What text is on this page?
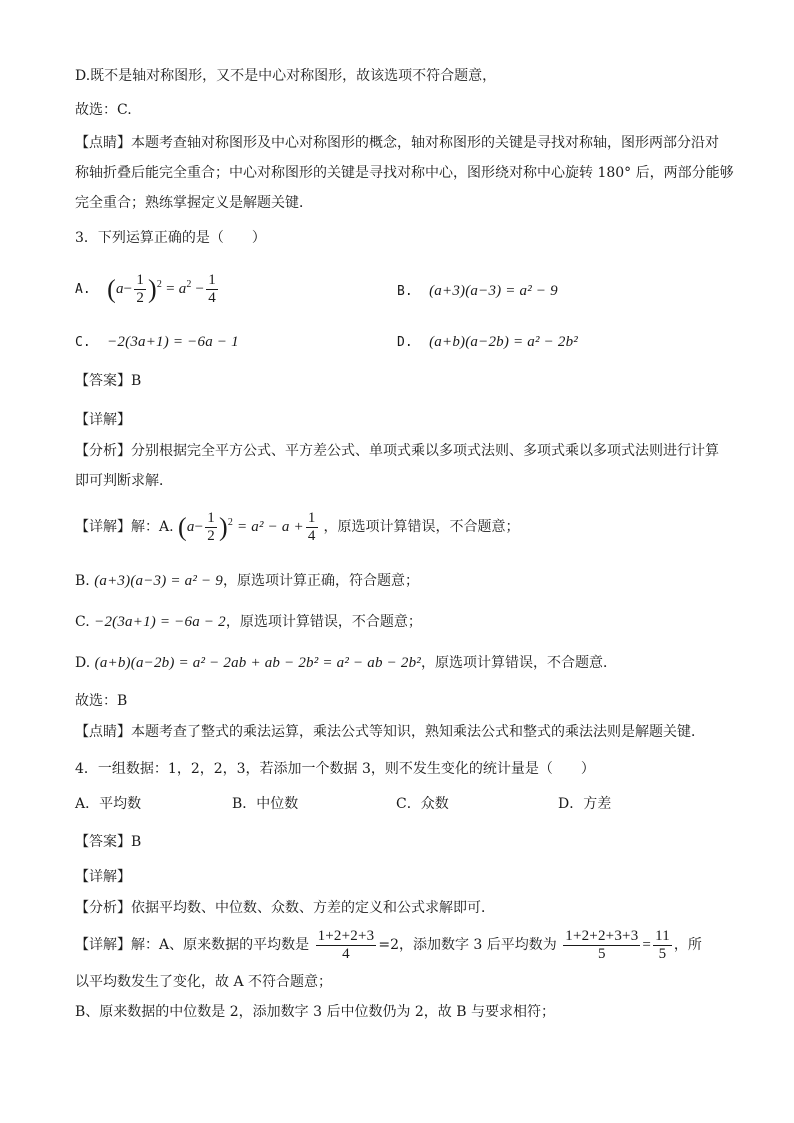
D.既不是轴对称图形，又不是中心对称图形，故该选项不符合题意，
故选：C.
【点睛】本题考查轴对称图形及中心对称图形的概念，轴对称图形的关键是寻找对称轴，图形两部分沿对
称轴折叠后能完全重合；中心对称图形的关键是寻找对称中心，图形绕对称中心旋转 180° 后，两部分能够
完全重合；熟练掌握定义是解题关键．
3．下列运算正确的是（　　）
A. $(a- \frac{1}{2} )^2 = a^2 - \frac{1}{4}$	B. (a+3)(a−3) = a² − 9
C. −2(3a+1) = −6a − 1	D. (a+b)(a−2b) = a² − 2b²
【答案】B
【详解】
【分析】分别根据完全平方公式、平方差公式、单项式乘以多项式法则、多项式乘以多项式法则进行计算
即可判断求解．
【详解】解：A. $(a- \frac{1}{2} )^2 = a^2 - a + \frac{1}{4}$ ，原选项计算错误，不合题意；
B. (a+3)(a−3) = a² − 9，原选项计算正确，符合题意；
C. −2(3a+1) = −6a − 2，原选项计算错误，不合题意；
D. (a+b)(a−2b) = a² − 2ab + ab − 2b² = a² − ab − 2b²，原选项计算错误，不合题意．
故选：B
【点睛】本题考查了整式的乘法运算，乘法公式等知识，熟知乘法公式和整式的乘法法则是解题关键．
4．一组数据：1，2，2，3，若添加一个数据 3，则不发生变化的统计量是（　　）
A．平均数	B．中位数	C．众数	D．方差
【答案】B
【详解】
【分析】依据平均数、中位数、众数、方差的定义和公式求解即可．
【详解】解：A、原来数据的平均数是 $\frac{1+2+2+3}{4} =2$，添加数字 3 后平均数为 $\frac{1+2+2+3+3}{5} = \frac{11}{5}$ ，所
以平均数发生了变化，故 A 不符合题意；
B、原来数据的中位数是 2，添加数字 3 后中位数仍为 2，故 B 与要求相符；
